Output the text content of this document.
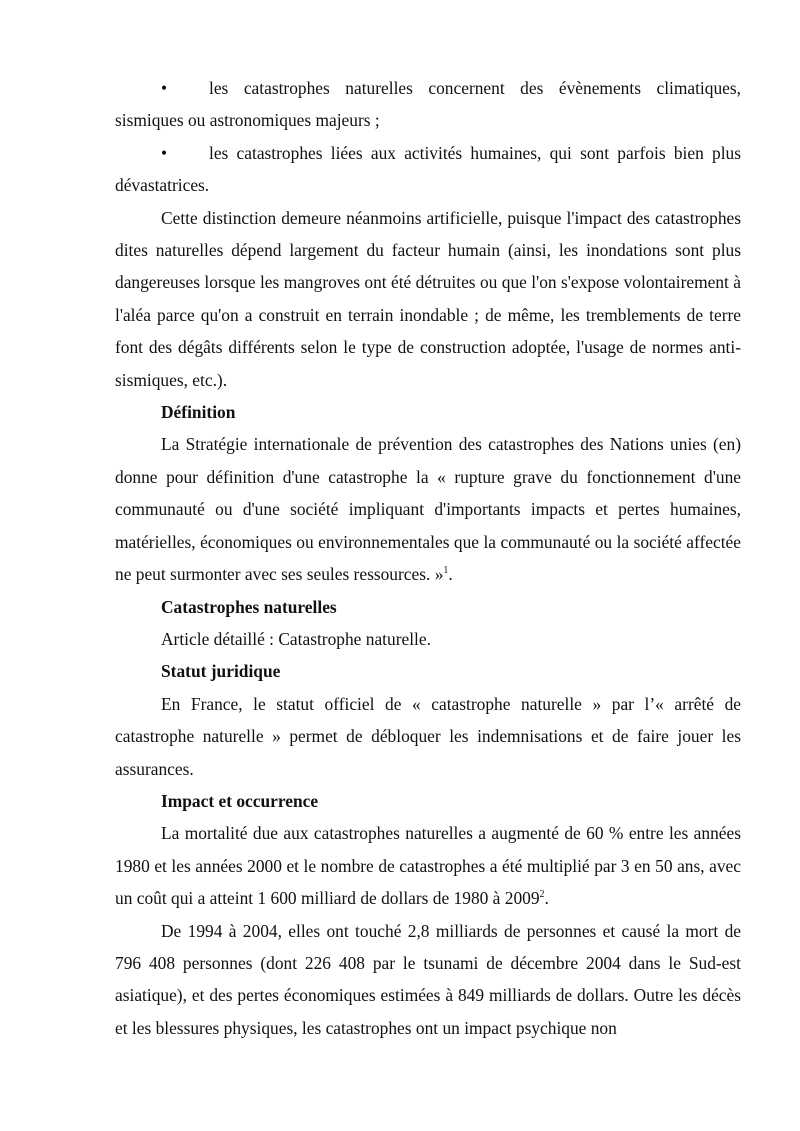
• les catastrophes naturelles concernent des évènements climatiques, sismiques ou astronomiques majeurs ;

• les catastrophes liées aux activités humaines, qui sont parfois bien plus dévastatrices.

Cette distinction demeure néanmoins artificielle, puisque l'impact des catastrophes dites naturelles dépend largement du facteur humain (ainsi, les inondations sont plus dangereuses lorsque les mangroves ont été détruites ou que l'on s'expose volontairement à l'aléa parce qu'on a construit en terrain inondable ; de même, les tremblements de terre font des dégâts différents selon le type de construction adoptée, l'usage de normes anti-sismiques, etc.).

Définition

La Stratégie internationale de prévention des catastrophes des Nations unies (en) donne pour définition d'une catastrophe la « rupture grave du fonctionnement d'une communauté ou d'une société impliquant d'importants impacts et pertes humaines, matérielles, économiques ou environnementales que la communauté ou la société affectée ne peut surmonter avec ses seules ressources. »$^1$.

Catastrophes naturelles

Article détaillé : Catastrophe naturelle.

Statut juridique

En France, le statut officiel de « catastrophe naturelle » par l’« arrêté de catastrophe naturelle » permet de débloquer les indemnisations et de faire jouer les assurances.

Impact et occurrence

La mortalité due aux catastrophes naturelles a augmenté de 60 % entre les années 1980 et les années 2000 et le nombre de catastrophes a été multiplié par 3 en 50 ans, avec un coût qui a atteint 1 600 milliard de dollars de 1980 à 2009$^2$.

De 1994 à 2004, elles ont touché 2,8 milliards de personnes et causé la mort de 796 408 personnes (dont 226 408 par le tsunami de décembre 2004 dans le Sud-est asiatique), et des pertes économiques estimées à 849 milliards de dollars. Outre les décès et les blessures physiques, les catastrophes ont un impact psychique non
